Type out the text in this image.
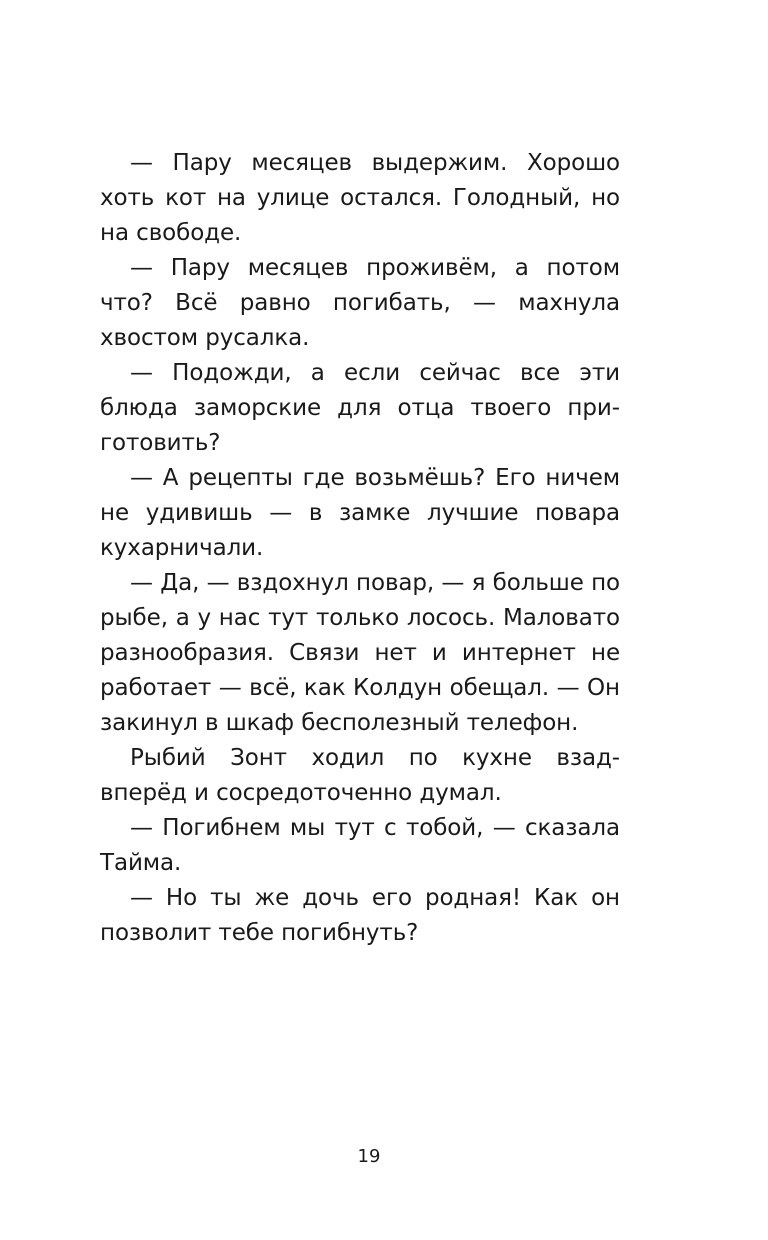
— Пару месяцев выдержим. Хорошо хоть кот на улице остался. Голодный, но на свободе.

— Пару месяцев проживём, а потом что? Всё равно погибать, — махнула хвостом русалка.

— Подожди, а если сейчас все эти блюда заморские для отца твоего приготовить?

— А рецепты где возьмёшь? Его ничем не удивишь — в замке лучшие повара кухарничали.

— Да, — вздохнул повар, — я больше по рыбе, а у нас тут только лосось. Маловато разнообразия. Связи нет и интернет не работает — всё, как Колдун обещал. — Он закинул в шкаф бесполезный телефон.

Рыбий Зонт ходил по кухне взад-вперёд и сосредоточенно думал.

— Погибнем мы тут с тобой, — сказала Тайма.

— Но ты же дочь его родная! Как он позволит тебе погибнуть?

19
